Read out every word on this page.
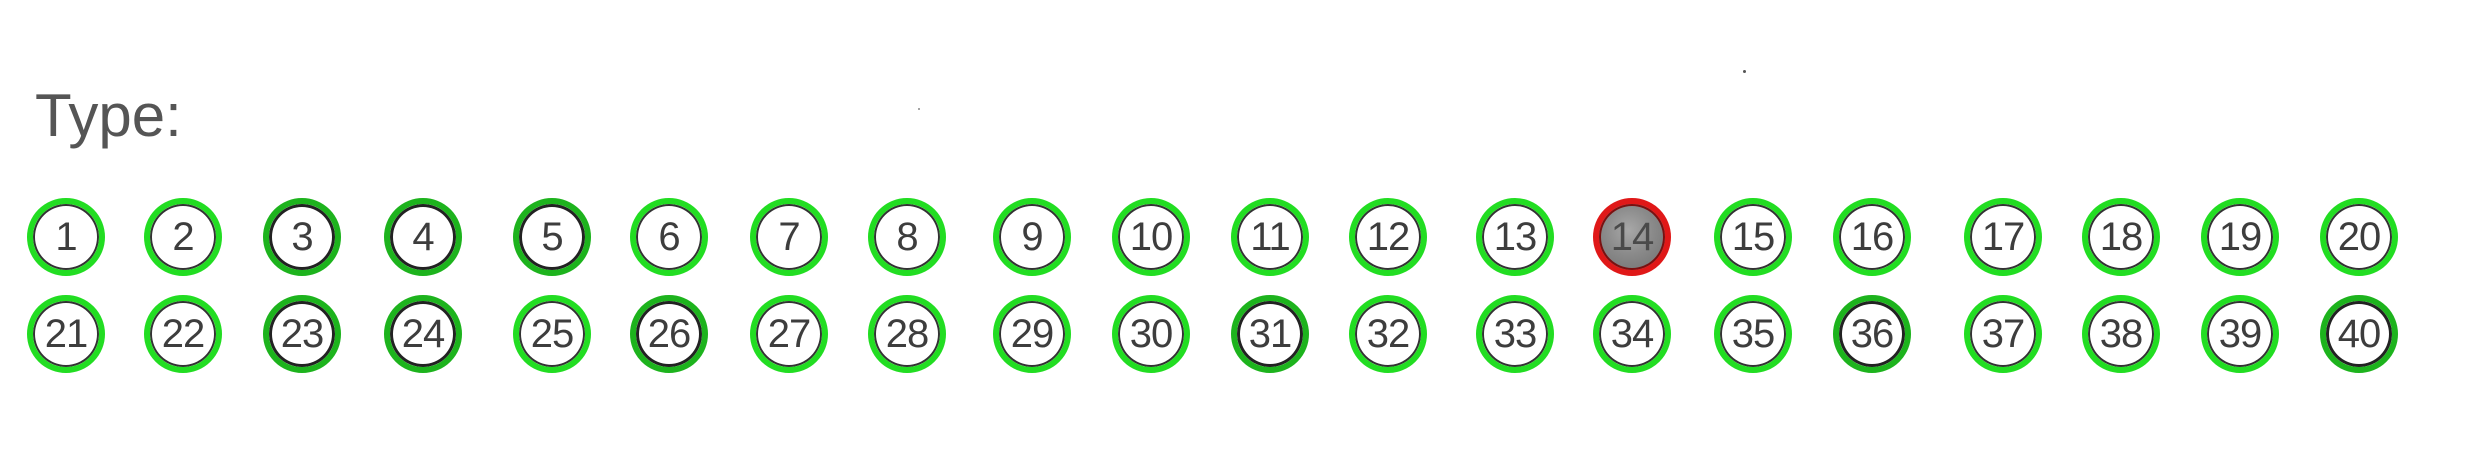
Type:
1 2 3 4	5 6 7 8	9 10 11 12 13 14 15 16 17 18 19 20
21 22 23 24 25 26 27 28 29 30 31 32 33 34 35 36 37 38 39 40
